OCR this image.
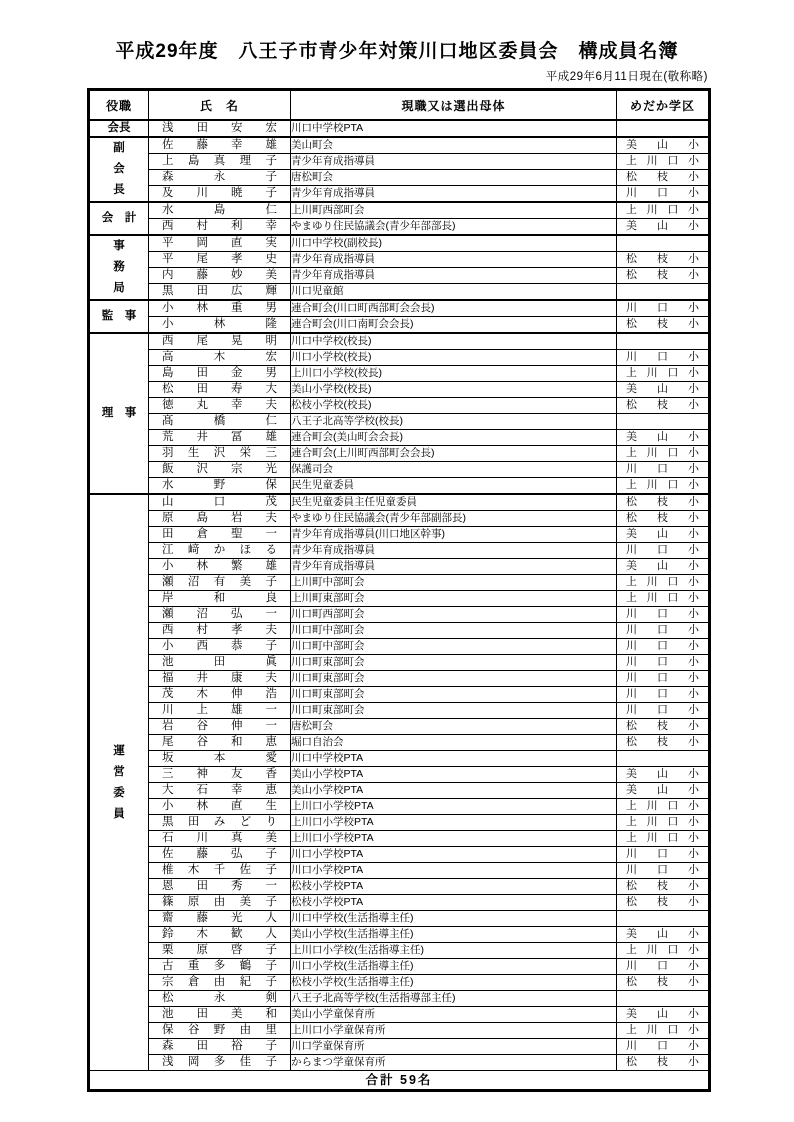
平成29年度　八王子市青少年対策川口地区委員会　構成員名簿
平成29年6月11日現在(敬称略)
役職	氏　名	現職又は選出母体	めだか学区
会長	浅 田 安 宏	川口中学校PTA	

副
会
長	佐 藤 幸 雄	美山町会	美 山 小

	上 島 真 理 子	青少年育成指導員	上 川 口 小

	森 永 子	唐松町会	松 枝 小

	及 川 暁 子	青少年育成指導員	川 口 小

会　計	水 島 仁	上川町西部町会	上 川 口 小

	西 村 利 幸	やまゆり住民協議会(青少年部部長)	美 山 小

事
務
局	平 岡 直 実	川口中学校(副校長)	

	平 尾 孝 史	青少年育成指導員	松 枝 小

	内 藤 妙 美	青少年育成指導員	松 枝 小

	黒 田 広 輝	川口児童館	
監　事	小 林 重 男	連合町会(川口町西部町会会長)	川 口 小

	小 林 隆	連合町会(川口南町会会長)	松 枝 小

理　事	西 尾 晃 明	川口中学校(校長)	

	高 木 宏	川口小学校(校長)	川 口 小

	島 田 金 男	上川口小学校(校長)	上 川 口 小

	松 田 寿 大	美山小学校(校長)	美 山 小

	徳 丸 幸 夫	松枝小学校(校長)	松 枝 小

	髙 橋 仁	八王子北高等学校(校長)	

	荒 井 冨 雄	連合町会(美山町会会長)	美 山 小

	羽 生 沢 栄 三	連合町会(上川町西部町会会長)	上 川 口 小

	飯 沢 宗 光	保護司会	川 口 小

	水 野 保	民生児童委員	上 川 口 小

運
営
委
員	山 口 茂	民生児童委員主任児童委員	松 枝 小

	原 島 岩 夫	やまゆり住民協議会(青少年部副部長)	松 枝 小

	田 倉 聖 一	青少年育成指導員(川口地区幹事)	美 山 小

	江 﨑 か ほ る	青少年育成指導員	川 口 小

	小 林 繁 雄	青少年育成指導員	美 山 小

	瀬 沼 有 美 子	上川町中部町会	上 川 口 小

	岸 和 良	上川町東部町会	上 川 口 小

	瀬 沼 弘 一	川口町西部町会	川 口 小

	西 村 孝 夫	川口町中部町会	川 口 小

	小 西 恭 子	川口町中部町会	川 口 小

	池 田 眞	川口町東部町会	川 口 小

	福 井 康 夫	川口町東部町会	川 口 小

	茂 木 伸 浩	川口町東部町会	川 口 小

	川 上 雄 一	川口町東部町会	川 口 小

	岩 谷 伸 一	唐松町会	松 枝 小

	尾 谷 和 恵	堀口自治会	松 枝 小

	坂 本 愛	川口中学校PTA	

	三 神 友 香	美山小学校PTA	美 山 小

	大 石 幸 恵	美山小学校PTA	美 山 小

	小 林 直 生	上川口小学校PTA	上 川 口 小

	黒 田 み ど り	上川口小学校PTA	上 川 口 小

	石 川 真 美	上川口小学校PTA	上 川 口 小

	佐 藤 弘 子	川口小学校PTA	川 口 小

	椎 木 千 佐 子	川口小学校PTA	川 口 小

	恩 田 秀 一	松枝小学校PTA	松 枝 小

	篠 原 由 美 子	松枝小学校PTA	松 枝 小

	齋 藤 光 人	川口中学校(生活指導主任)	

	鈴 木 歓 人	美山小学校(生活指導主任)	美 山 小

	栗 原 啓 子	上川口小学校(生活指導主任)	上 川 口 小

	古 重 多 鶴 子	川口小学校(生活指導主任)	川 口 小

	宗 倉 由 紀 子	松枝小学校(生活指導主任)	松 枝 小

	松 永 剣	八王子北高等学校(生活指導部主任)	

	池 田 美 和	美山小学童保育所	美 山 小

	保 谷 野 由 里	上川口小学童保育所	上 川 口 小

	森 田 裕 子	川口学童保育所	川 口 小

	浅 岡 多 佳 子	からまつ学童保育所	松 枝 小

合計 59名			
